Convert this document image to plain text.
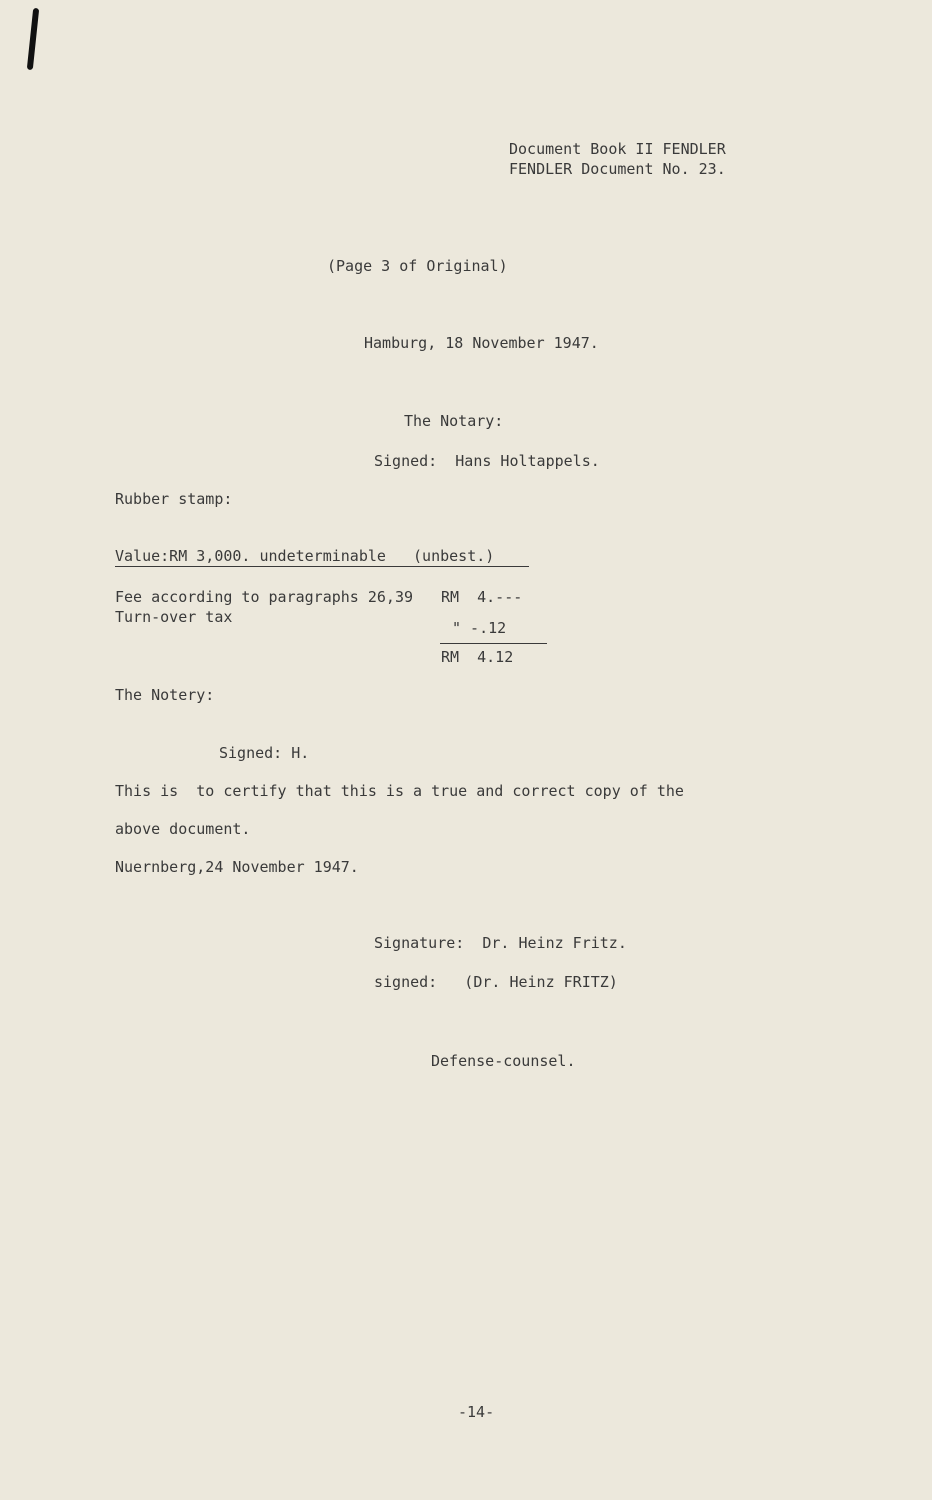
Document Book II FENDLER
FENDLER Document No. 23.
(Page 3 of Original)
Hamburg, 18 November 1947.
The Notary:
Signed:  Hans Holtappels.
Rubber stamp:
Value:RM 3,000. undeterminable (unbest.)
Fee according to paragraphs 26,39 RM  4.---
Turn-over tax
" -.12
RM  4.12
The Notery:
Signed: H.
This is  to certify that this is a true and correct copy of the
above document.
Nuernberg,24 November 1947.
Signature:  Dr. Heinz Fritz.
signed:   (Dr. Heinz FRITZ)
Defense-counsel.
-14-
